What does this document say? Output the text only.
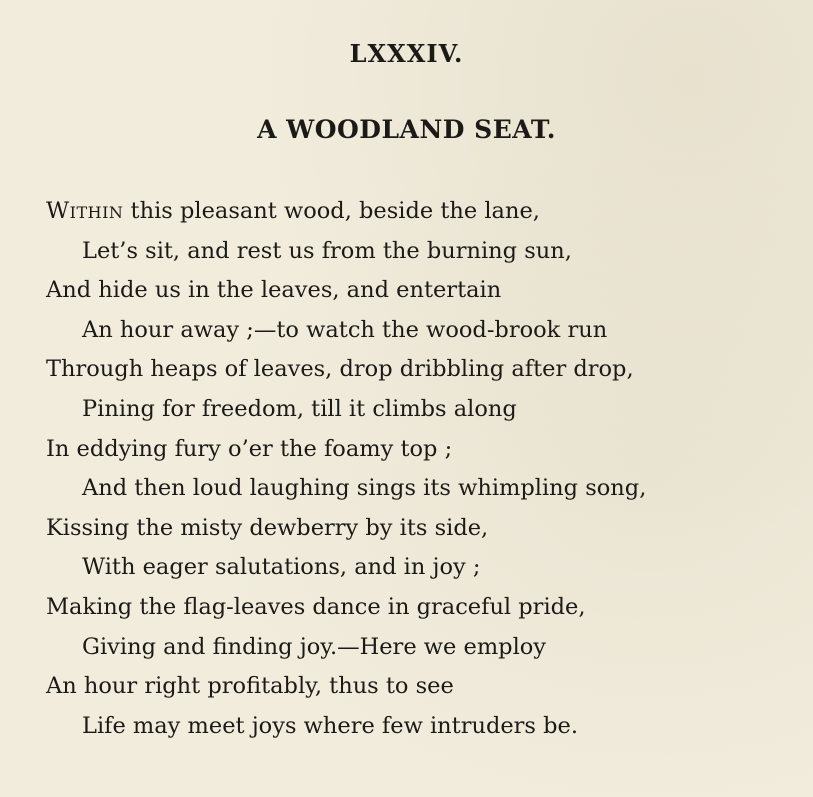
LXXXIV.
A WOODLAND SEAT.
Within this pleasant wood, beside the lane,
Let’s sit, and rest us from the burning sun,
And hide us in the leaves, and entertain
An hour away ;—to watch the wood-brook run
Through heaps of leaves, drop dribbling after drop,
Pining for freedom, till it climbs along
In eddying fury o’er the foamy top ;
And then loud laughing sings its whimpling song,
Kissing the misty dewberry by its side,
With eager salutations, and in joy ;
Making the flag-leaves dance in graceful pride,
Giving and finding joy.—Here we employ
An hour right profitably, thus to see
Life may meet joys where few intruders be.
